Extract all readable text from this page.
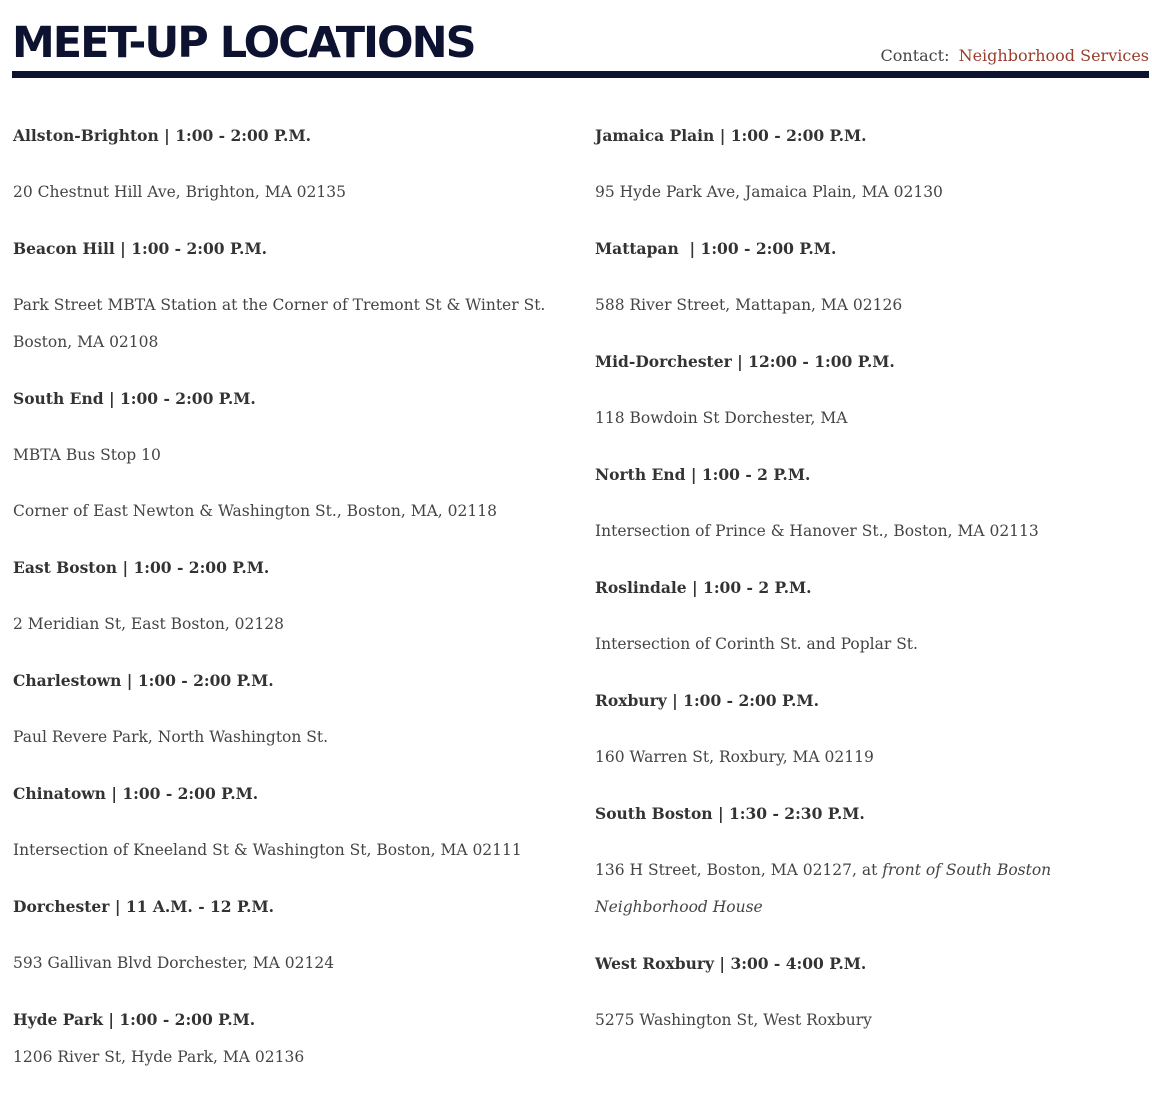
MEET-UP LOCATIONS	Contact: Neighborhood Services
Allston-Brighton | 1:00 - 2:00 P.M.
20 Chestnut Hill Ave, Brighton, MA 02135
Beacon Hill | 1:00 - 2:00 P.M.
Park Street MBTA Station at the Corner of Tremont St & Winter St. Boston, MA 02108
South End | 1:00 - 2:00 P.M.
MBTA Bus Stop 10
Corner of East Newton & Washington St., Boston, MA, 02118
East Boston | 1:00 - 2:00 P.M.
2 Meridian St, East Boston, 02128
Charlestown | 1:00 - 2:00 P.M.
Paul Revere Park, North Washington St.
Chinatown | 1:00 - 2:00 P.M.
Intersection of Kneeland St & Washington St, Boston, MA 02111
Dorchester | 11 A.M. - 12 P.M.
593 Gallivan Blvd Dorchester, MA 02124
Hyde Park | 1:00 - 2:00 P.M.
1206 River St, Hyde Park, MA 02136
Jamaica Plain | 1:00 - 2:00 P.M.
95 Hyde Park Ave, Jamaica Plain, MA 02130
Mattapan  | 1:00 - 2:00 P.M.
588 River Street, Mattapan, MA 02126
Mid-Dorchester | 12:00 - 1:00 P.M.
118 Bowdoin St Dorchester, MA
North End | 1:00 - 2 P.M.
Intersection of Prince & Hanover St., Boston, MA 02113
Roslindale | 1:00 - 2 P.M.
Intersection of Corinth St. and Poplar St.
Roxbury | 1:00 - 2:00 P.M.
160 Warren St, Roxbury, MA 02119
South Boston | 1:30 - 2:30 P.M.
136 H Street, Boston, MA 02127, at front of South Boston Neighborhood House
West Roxbury | 3:00 - 4:00 P.M.
5275 Washington St, West Roxbury
